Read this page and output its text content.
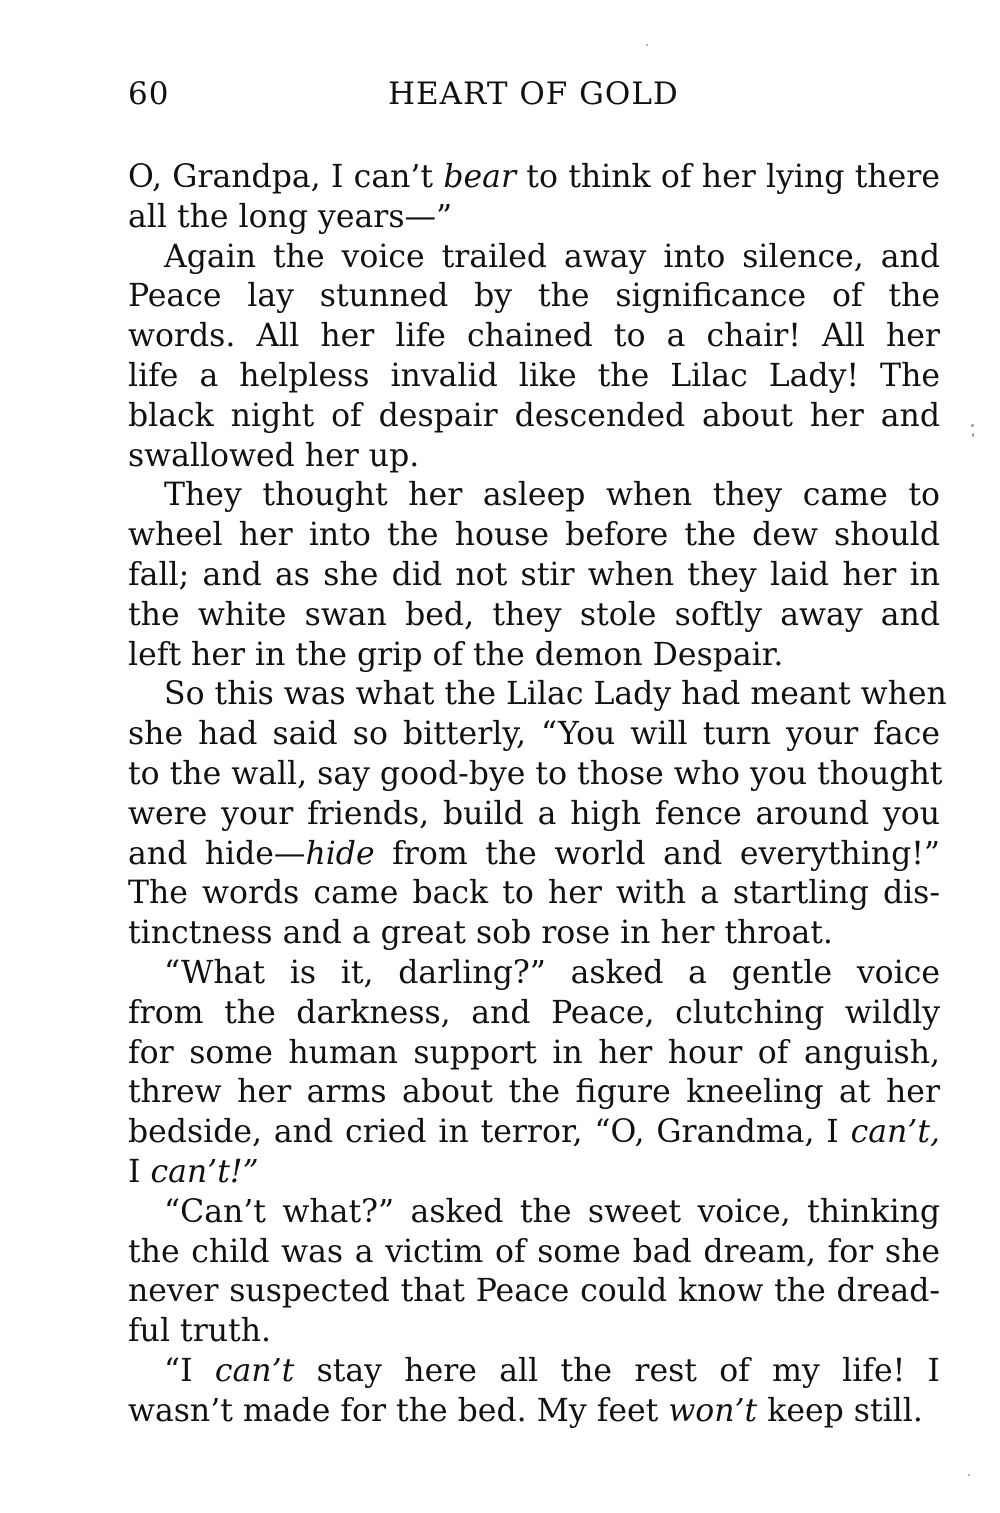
60	HEART OF GOLD
O, Grandpa, I can’t bear to think of her lying there
all the long years—”
Again the voice trailed away into silence, and
Peace lay stunned by the significance of the
words. All her life chained to a chair! All her
life a helpless invalid like the Lilac Lady! The
black night of despair descended about her and
swallowed her up.
They thought her asleep when they came to
wheel her into the house before the dew should
fall; and as she did not stir when they laid her in
the white swan bed, they stole softly away and
left her in the grip of the demon Despair.
So this was what the Lilac Lady had meant when
she had said so bitterly, “You will turn your face
to the wall, say good-bye to those who you thought
were your friends, build a high fence around you
and hide—hide from the world and everything!”
The words came back to her with a startling dis-
tinctness and a great sob rose in her throat.
“What is it, darling?” asked a gentle voice
from the darkness, and Peace, clutching wildly
for some human support in her hour of anguish,
threw her arms about the figure kneeling at her
bedside, and cried in terror, “O, Grandma, I can’t,
I can’t!”
“Can’t what?” asked the sweet voice, thinking
the child was a victim of some bad dream, for she
never suspected that Peace could know the dread-
ful truth.
“I can’t stay here all the rest of my life! I
wasn’t made for the bed. My feet won’t keep still.
